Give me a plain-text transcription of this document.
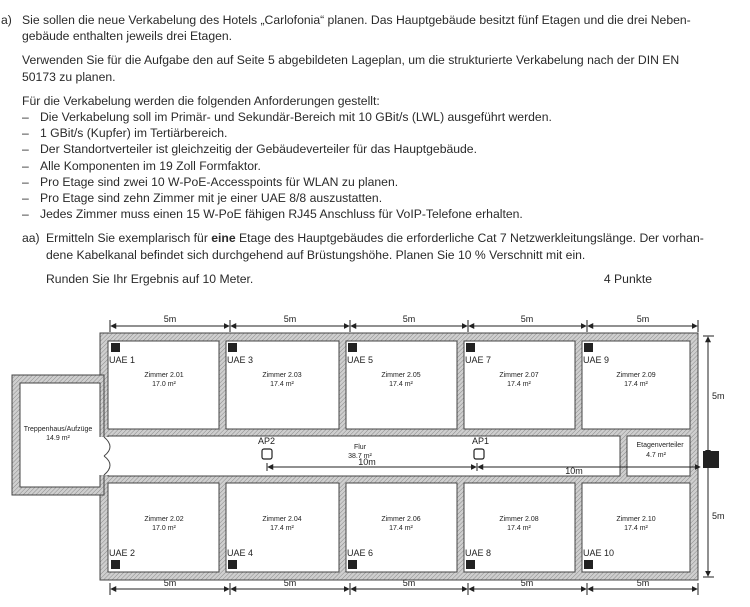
a) Sie sollen die neue Verkabelung des Hotels „Carlofonia“ planen. Das Hauptgebäude besitzt fünf Etagen und die drei Neben-
gebäude enthalten jeweils drei Etagen.
Verwenden Sie für die Aufgabe den auf Seite 5 abgebildeten Lageplan, um die strukturierte Verkabelung nach der DIN EN
50173 zu planen.
Für die Verkabelung werden die folgenden Anforderungen gestellt:
– Die Verkabelung soll im Primär- und Sekundär-Bereich mit 10 GBit/s (LWL) ausgeführt werden.
– 1 GBit/s (Kupfer) im Tertiärbereich.
– Der Standortverteiler ist gleichzeitig der Gebäudeverteiler für das Hauptgebäude.
– Alle Komponenten im 19 Zoll Formfaktor.
– Pro Etage sind zwei 10 W-PoE-Accesspoints für WLAN zu planen.
– Pro Etage sind zehn Zimmer mit je einer UAE 8/8 auszustatten.
– Jedes Zimmer muss einen 15 W-PoE fähigen RJ45 Anschluss für VoIP-Telefone erhalten.
aa) Ermitteln Sie exemplarisch für eine Etage des Hauptgebäudes die erforderliche Cat 7 Netzwerkleitungslänge. Der vorhan-
dene Kabelkanal befindet sich durchgehend auf Brüstungshöhe. Planen Sie 10 % Verschnitt mit ein.
Runden Sie Ihr Ergebnis auf 10 Meter.	4 Punkte
5m	5m	5m	5m	5m
5m	5m	5m	5m	5m
5m
5m
Treppenhaus/Aufzüge
14.9 m²
Flur
38.7 m²
Etagenverteiler
4.7 m²
AP2	AP1
10m
10m
UAE 1	UAE 3	UAE 5	UAE 7	UAE 9
Zimmer 2.01
17.0 m²
Zimmer 2.03
17.4 m²
Zimmer 2.05
17.4 m²
Zimmer 2.07
17.4 m²
Zimmer 2.09
17.4 m²
Zimmer 2.02
17.0 m²
Zimmer 2.04
17.4 m²
Zimmer 2.06
17.4 m²
Zimmer 2.08
17.4 m²
Zimmer 2.10
17.4 m²
UAE 2	UAE 4	UAE 6	UAE 8	UAE 10
